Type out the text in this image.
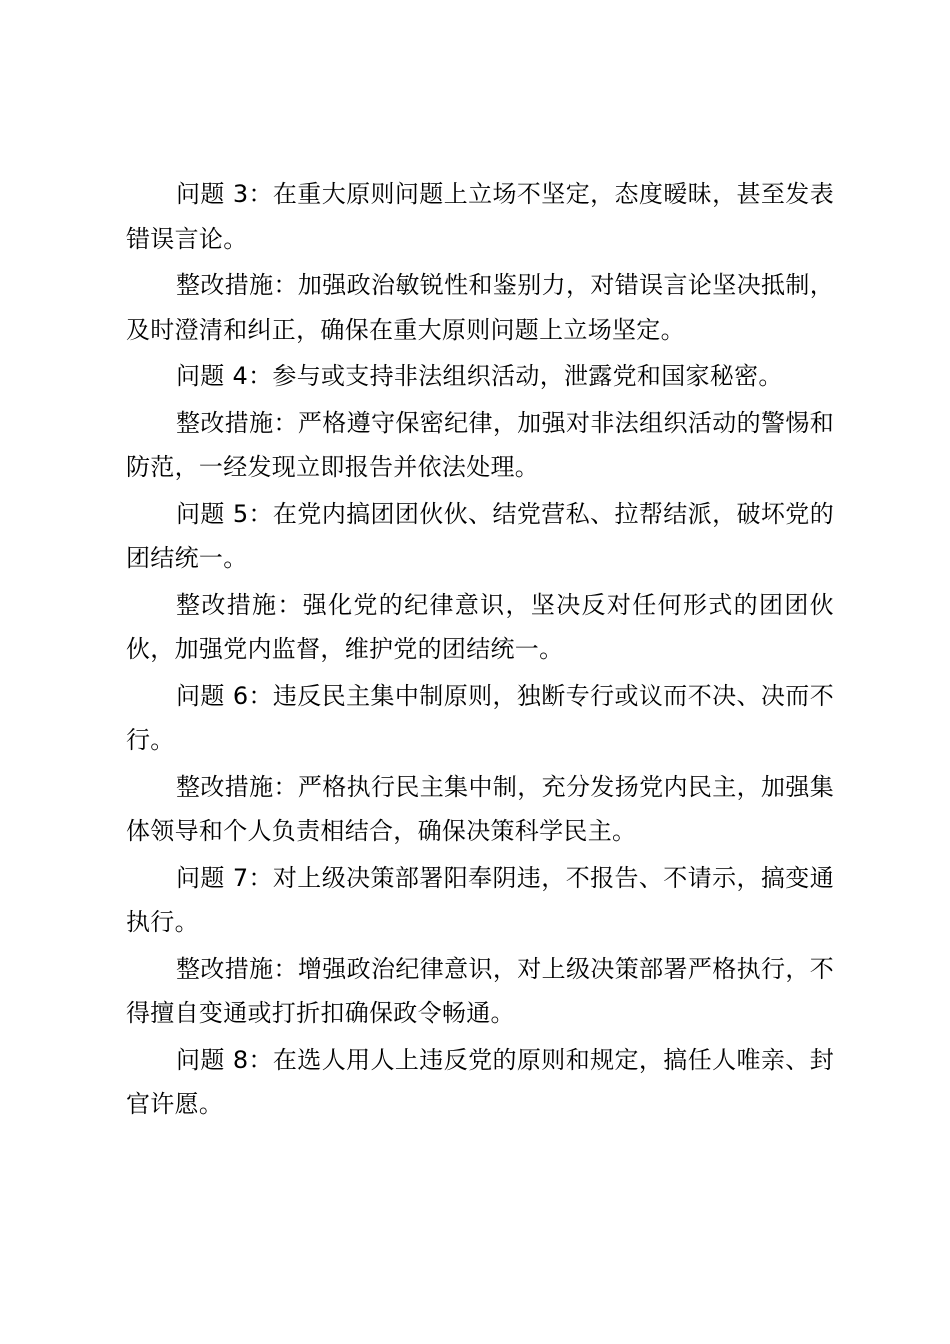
问题 3：在重大原则问题上立场不坚定，态度暧昧，甚至发表错误言论。

整改措施：加强政治敏锐性和鉴别力，对错误言论坚决抵制，及时澄清和纠正，确保在重大原则问题上立场坚定。

问题 4：参与或支持非法组织活动，泄露党和国家秘密。

整改措施：严格遵守保密纪律，加强对非法组织活动的警惕和防范，一经发现立即报告并依法处理。

问题 5：在党内搞团团伙伙、结党营私、拉帮结派，破坏党的团结统一。

整改措施：强化党的纪律意识，坚决反对任何形式的团团伙伙，加强党内监督，维护党的团结统一。

问题 6：违反民主集中制原则，独断专行或议而不决、决而不行。

整改措施：严格执行民主集中制，充分发扬党内民主，加强集体领导和个人负责相结合，确保决策科学民主。

问题 7：对上级决策部署阳奉阴违，不报告、不请示，搞变通执行。

整改措施：增强政治纪律意识，对上级决策部署严格执行，不得擅自变通或打折扣确保政令畅通。

问题 8：在选人用人上违反党的原则和规定，搞任人唯亲、封官许愿。
